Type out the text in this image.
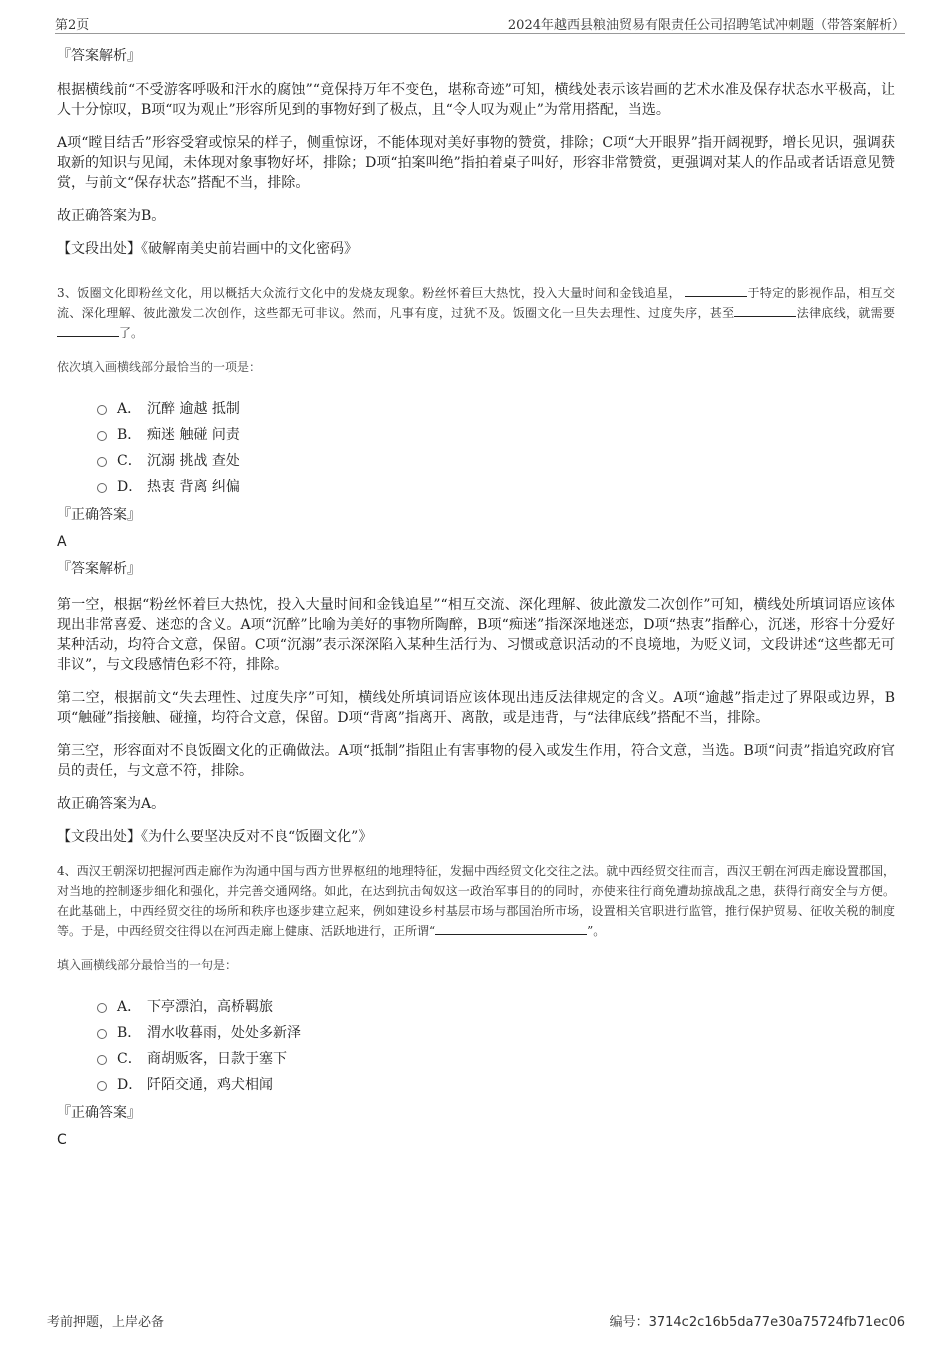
第2页	2024年越西县粮油贸易有限责任公司招聘笔试冲刺题（带答案解析）
『答案解析』

根据横线前“不受游客呼吸和汗水的腐蚀”“竟保持万年不变色，堪称奇迹”可知，横线处表示该岩画的艺术水准及保存状态水平极高，让人十分惊叹，B项“叹为观止”形容所见到的事物好到了极点，且“令人叹为观止”为常用搭配，当选。

A项“瞠目结舌”形容受窘或惊呆的样子，侧重惊讶，不能体现对美好事物的赞赏，排除；C项“大开眼界”指开阔视野，增长见识，强调获取新的知识与见闻，未体现对象事物好坏，排除；D项“拍案叫绝”指拍着桌子叫好，形容非常赞赏，更强调对某人的作品或者话语意见赞赏，与前文“保存状态”搭配不当，排除。

故正确答案为B。

【文段出处】《破解南美史前岩画中的文化密码》

3、饭圈文化即粉丝文化，用以概括大众流行文化中的发烧友现象。粉丝怀着巨大热忱，投入大量时间和金钱追星，	于特定的影视作品，相互交流、深化理解、彼此激发二次创作，这些都无可非议。然而，凡事有度，过犹不及。饭圈文化一旦失去理性、过度失序，甚至	法律底线，就需要 了。

依次填入画横线部分最恰当的一项是：

A． 沉醉 逾越 抵制
B． 痴迷 触碰 问责
C． 沉溺 挑战 查处
D． 热衷 背离 纠偏
『正确答案』
A
『答案解析』

第一空，根据“粉丝怀着巨大热忱，投入大量时间和金钱追星”“相互交流、深化理解、彼此激发二次创作”可知，横线处所填词语应该体现出非常喜爱、迷恋的含义。A项“沉醉”比喻为美好的事物所陶醉，B项“痴迷”指深深地迷恋，D项“热衷”指醉心，沉迷，形容十分爱好某种活动，均符合文意，保留。C项“沉溺”表示深深陷入某种生活行为、习惯或意识活动的不良境地，为贬义词，文段讲述“这些都无可非议”，与文段感情色彩不符，排除。

第二空，根据前文“失去理性、过度失序”可知，横线处所填词语应该体现出违反法律规定的含义。A项“逾越”指走过了界限或边界，B项“触碰”指接触、碰撞，均符合文意，保留。D项“背离”指离开、离散，或是违背，与“法律底线”搭配不当，排除。

第三空，形容面对不良饭圈文化的正确做法。A项“抵制”指阻止有害事物的侵入或发生作用，符合文意，当选。B项“问责”指追究政府官员的责任，与文意不符，排除。

故正确答案为A。

【文段出处】《为什么要坚决反对不良“饭圈文化”》

4、西汉王朝深切把握河西走廊作为沟通中国与西方世界枢纽的地理特征，发掘中西经贸文化交往之法。就中西经贸交往而言，西汉王朝在河西走廊设置郡国，对当地的控制逐步细化和强化，并完善交通网络。如此，在达到抗击匈奴这一政治军事目的的同时，亦使来往行商免遭劫掠战乱之患，获得行商安全与方便。在此基础上，中西经贸交往的场所和秩序也逐步建立起来，例如建设乡村基层市场与郡国治所市场，设置相关官职进行监管，推行保护贸易、征收关税的制度等。于是，中西经贸交往得以在河西走廊上健康、活跃地进行，正所谓“	”。

填入画横线部分最恰当的一句是：

A． 下亭漂泊，高桥羁旅
B． 渭水收暮雨，处处多新泽
C． 商胡贩客，日款于塞下
D． 阡陌交通，鸡犬相闻
『正确答案』
C
考前押题，上岸必备	编号：3714c2c16b5da77e30a75724fb71ec06
